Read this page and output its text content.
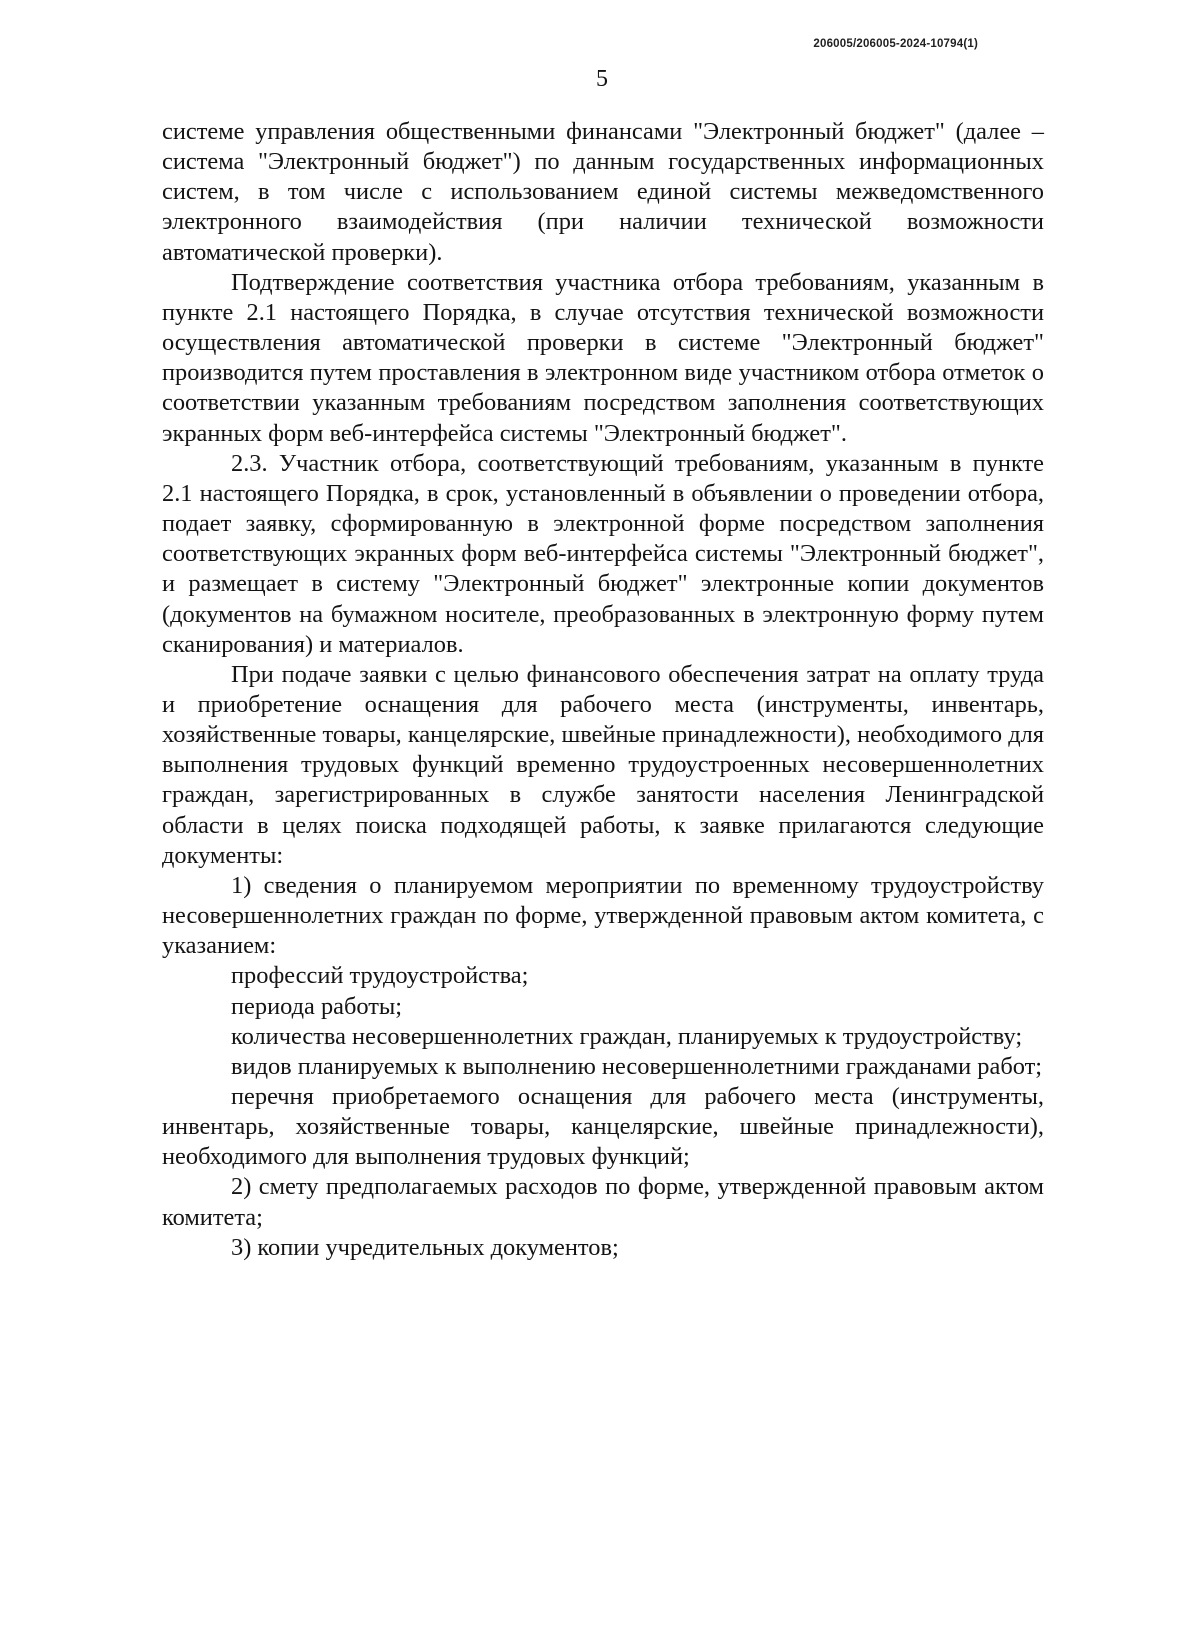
206005/206005-2024-10794(1)
5

системе управления общественными финансами "Электронный бюджет" (далее – система "Электронный бюджет") по данным государственных информационных систем, в том числе с использованием единой системы межведомственного электронного взаимодействия (при наличии технической возможности автоматической проверки).

Подтверждение соответствия участника отбора требованиям, указанным в пункте 2.1 настоящего Порядка, в случае отсутствия технической возможности осуществления автоматической проверки в системе "Электронный бюджет" производится путем проставления в электронном виде участником отбора отметок о соответствии указанным требованиям посредством заполнения соответствующих экранных форм веб-интерфейса системы "Электронный бюджет".

2.3. Участник отбора, соответствующий требованиям, указанным в пункте 2.1 настоящего Порядка, в срок, установленный в объявлении о проведении отбора, подает заявку, сформированную в электронной форме посредством заполнения соответствующих экранных форм веб-интерфейса системы "Электронный бюджет", и размещает в систему "Электронный бюджет" электронные копии документов (документов на бумажном носителе, преобразованных в электронную форму путем сканирования) и материалов.

При подаче заявки с целью финансового обеспечения затрат на оплату труда и приобретение оснащения для рабочего места (инструменты, инвентарь, хозяйственные товары, канцелярские, швейные принадлежности), необходимого для выполнения трудовых функций временно трудоустроенных несовершеннолетних граждан, зарегистрированных в службе занятости населения Ленинградской области в целях поиска подходящей работы, к заявке прилагаются следующие документы:

1) сведения о планируемом мероприятии по временному трудоустройству несовершеннолетних граждан по форме, утвержденной правовым актом комитета, с указанием:

профессий трудоустройства;

периода работы;

количества несовершеннолетних граждан, планируемых к трудоустройству;

видов планируемых к выполнению несовершеннолетними гражданами работ;

перечня приобретаемого оснащения для рабочего места (инструменты, инвентарь, хозяйственные товары, канцелярские, швейные принадлежности), необходимого для выполнения трудовых функций;

2) смету предполагаемых расходов по форме, утвержденной правовым актом комитета;

3) копии учредительных документов;
